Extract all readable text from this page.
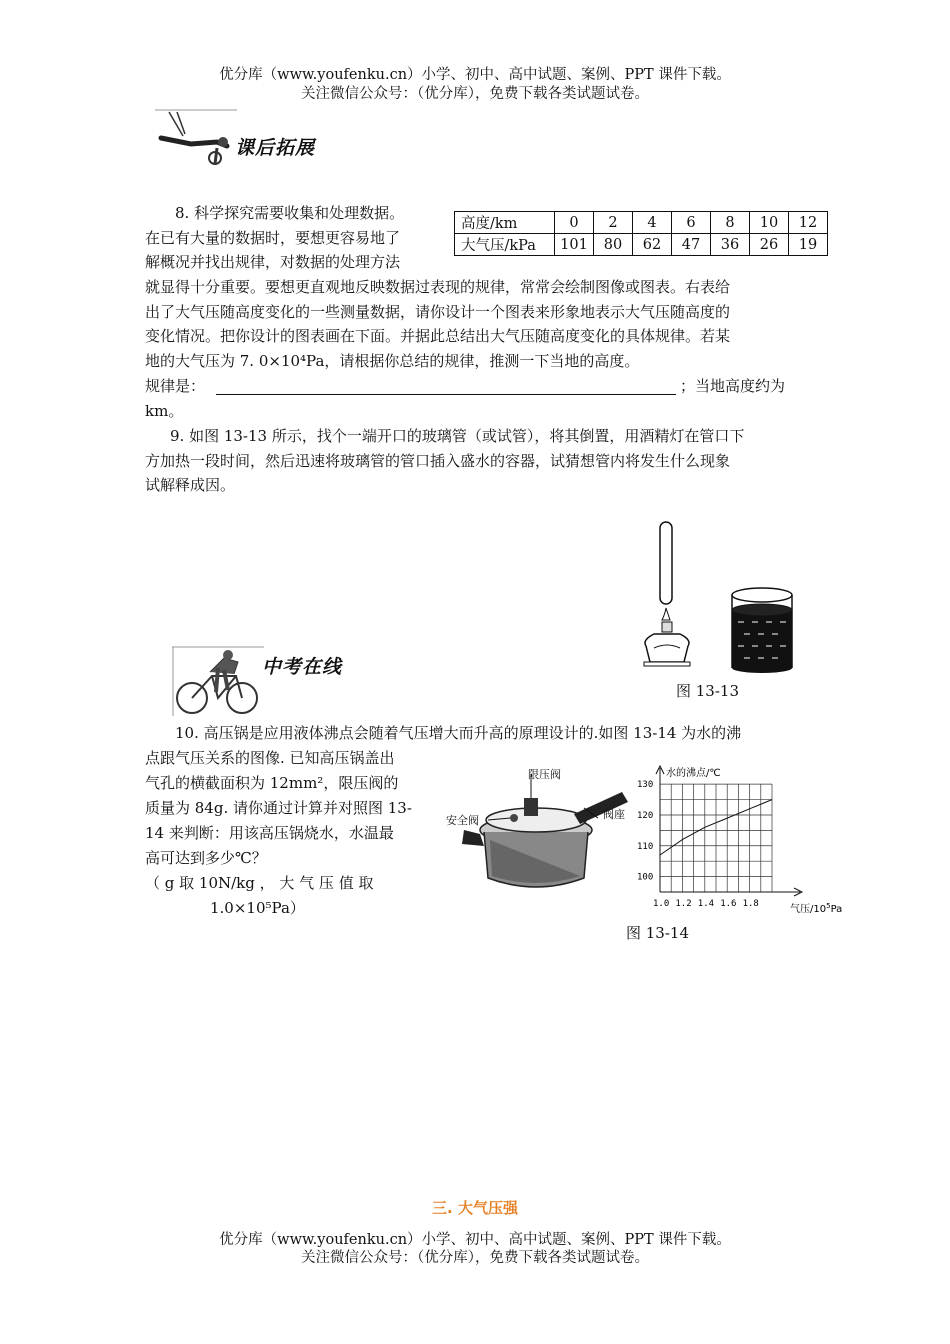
优分库（www.youfenku.cn）小学、初中、高中试题、案例、PPT 课件下载。
关注微信公众号：（优分库），免费下载各类试题试卷。
课后拓展
8. 科学探究需要收集和处理数据。
在已有大量的数据时，要想更容易地了
解概况并找出规律，对数据的处理方法
就显得十分重要。要想更直观地反映数据过表现的规律，常常会绘制图像或图表。右表给
出了大气压随高度变化的一些测量数据，请你设计一个图表来形象地表示大气压随高度的
变化情况。把你设计的图表画在下面。并据此总结出大气压随高度变化的具体规律。若某
地的大气压为 7. 0×10⁴Pa，请根据你总结的规律，推测一下当地的高度。
规律是：	；当地高度约为
km。
高度/km	0	2	4	6	8	10	12
大气压/kPa	101	80	62	47	36	26	19
9. 如图 13-13 所示，找个一端开口的玻璃管（或试管），将其倒置，用酒精灯在管口下
方加热一段时间，然后迅速将玻璃管的管口插入盛水的容器，试猜想管内将发生什么现象
试解释成因。
图 13-13
中考在线
10. 高压锅是应用液体沸点会随着气压增大而升高的原理设计的.如图 13-14 为水的沸
点跟气压关系的图像. 已知高压锅盖出
气孔的横截面积为 12mm²，限压阀的
质量为 84g. 请你通过计算并对照图 13-
14 来判断：用该高压锅烧水，水温最
高可达到多少℃？
（ g 取 10N/kg ， 大 气 压 值 取
1.0×10⁵Pa）
限压阀
安全阀	阀座
1.0 1.2 1.4 1.6 1.8
100
110
120
130
水的沸点/℃
气压$/10^5Pa$
图 13-14
三. 大气压强
优分库（www.youfenku.cn）小学、初中、高中试题、案例、PPT 课件下载。
关注微信公众号：（优分库），免费下载各类试题试卷。
